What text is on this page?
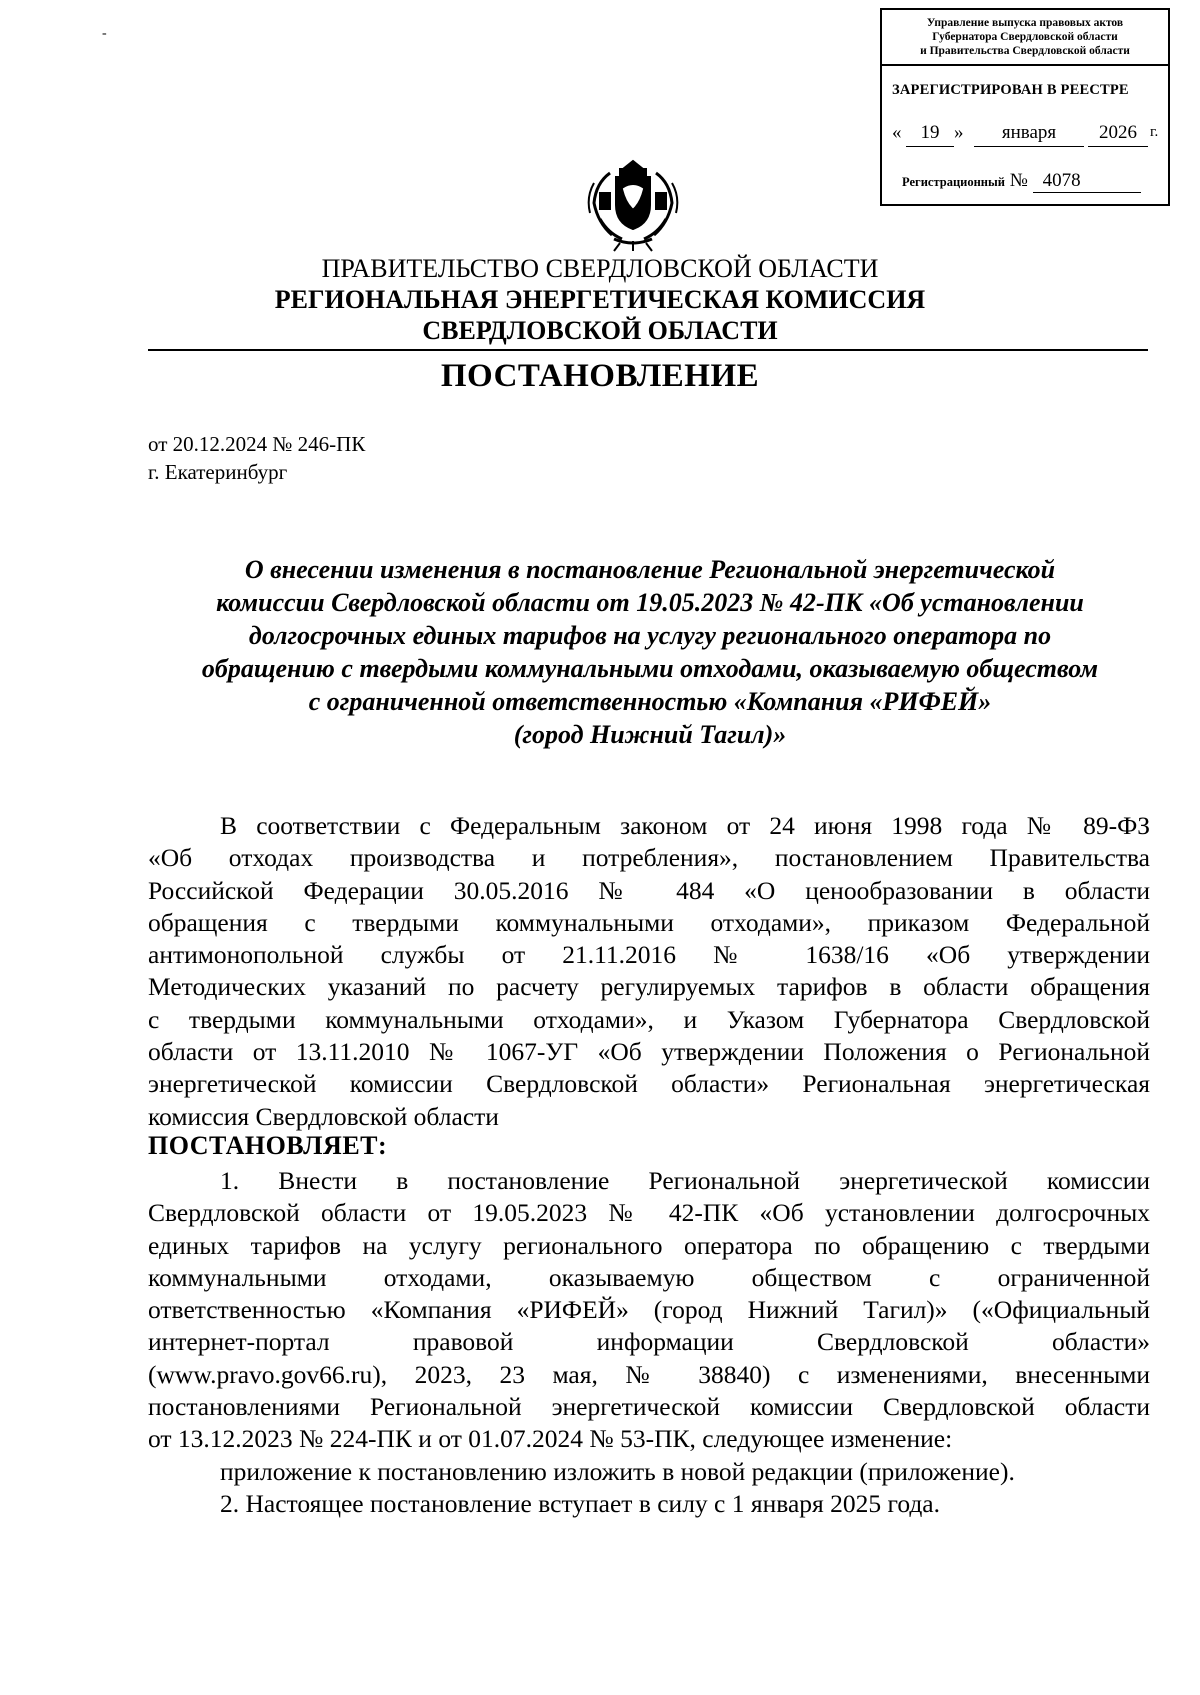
-
Управление выпуска правовых актов
Губернатора Свердловской области
и Правительства Свердловской области
ЗАРЕГИСТРИРОВАН В РЕЕСТРЕ
«	19 »	января	2026 г.
Регистрационный № 4078
ПРАВИТЕЛЬСТВО СВЕРДЛОВСКОЙ ОБЛАСТИ
РЕГИОНАЛЬНАЯ ЭНЕРГЕТИЧЕСКАЯ КОМИССИЯ
СВЕРДЛОВСКОЙ ОБЛАСТИ
ПОСТАНОВЛЕНИЕ
от 20.12.2024 № 246-ПК
г. Екатеринбург
О внесении изменения в постановление Региональной энергетической
комиссии Свердловской области от 19.05.2023 № 42-ПК «Об установлении
долгосрочных единых тарифов на услугу регионального оператора по
обращению с твердыми коммунальными отходами, оказываемую обществом
с ограниченной ответственностью «Компания «РИФЕЙ»
(город Нижний Тагил)»
В соответствии с Федеральным законом от 24 июня 1998 года № 89-ФЗ
«Об отходах производства и потребления», постановлением Правительства
Российской Федерации 30.05.2016 № 484 «О ценообразовании в области
обращения с твердыми коммунальными отходами», приказом Федеральной
антимонопольной службы от 21.11.2016 № 1638/16 «Об утверждении
Методических указаний по расчету регулируемых тарифов в области обращения
с твердыми коммунальными отходами», и Указом Губернатора Свердловской
области от 13.11.2010 № 1067-УГ «Об утверждении Положения о Региональной
энергетической комиссии Свердловской области» Региональная энергетическая
комиссия Свердловской области
ПОСТАНОВЛЯЕТ:
1. Внести в постановление Региональной энергетической комиссии
Свердловской области от 19.05.2023 № 42-ПК «Об установлении долгосрочных
единых тарифов на услугу регионального оператора по обращению с твердыми
коммунальными отходами, оказываемую обществом с ограниченной
ответственностью «Компания «РИФЕЙ» (город Нижний Тагил)» («Официальный
интернет-портал правовой информации Свердловской области»
(www.pravo.gov66.ru), 2023, 23 мая, № 38840) с изменениями, внесенными
постановлениями Региональной энергетической комиссии Свердловской области
от 13.12.2023 № 224-ПК и от 01.07.2024 № 53-ПК, следующее изменение:
приложение к постановлению изложить в новой редакции (приложение).
2. Настоящее постановление вступает в силу с 1 января 2025 года.
